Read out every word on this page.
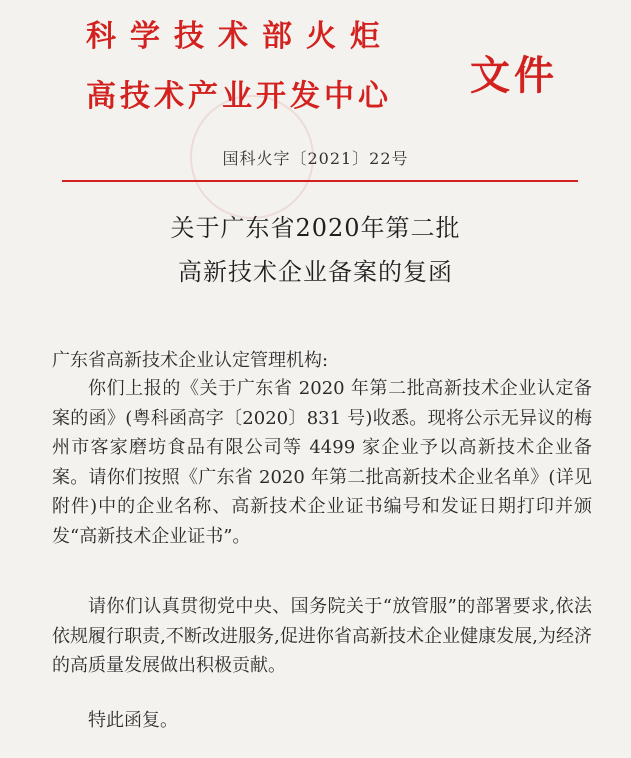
科学技术部火炬
高技术产业开发中心	文件
国科火字〔2021〕22号
关于广东省2020年第二批
高新技术企业备案的复函
广东省高新技术企业认定管理机构:
你们上报的《关于广东省 2020 年第二批高新技术企业认定备案的函》(粤科函高字〔2020〕831 号)收悉。现将公示无异议的梅州市客家磨坊食品有限公司等 4499 家企业予以高新技术企业备案。请你们按照《广东省 2020 年第二批高新技术企业名单》(详见附件)中的企业名称、高新技术企业证书编号和发证日期打印并颁发“高新技术企业证书”。
请你们认真贯彻党中央、国务院关于“放管服”的部署要求,依法依规履行职责,不断改进服务,促进你省高新技术企业健康发展,为经济的高质量发展做出积极贡献。
特此函复。
